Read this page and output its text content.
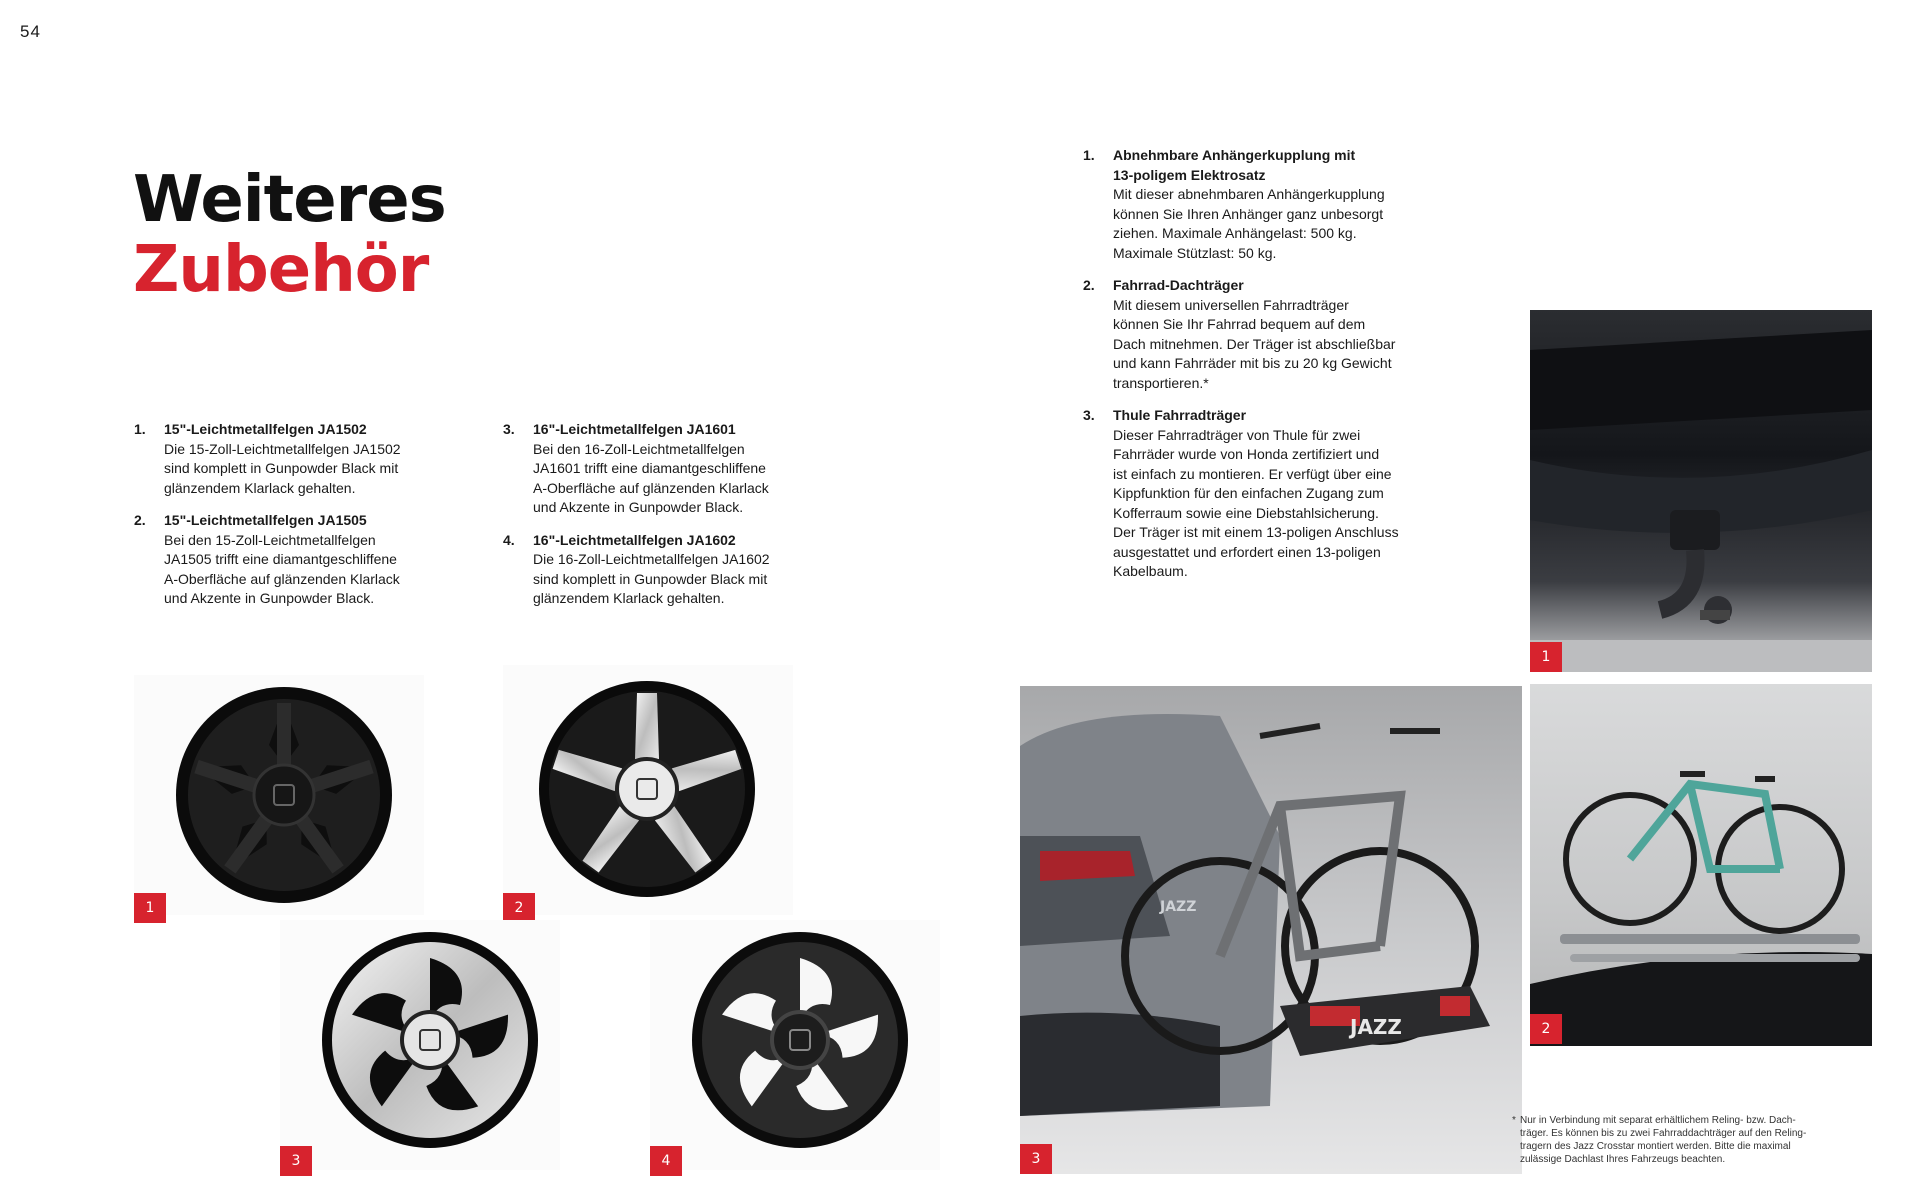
54
Weiteres
Zubehör
1. 15"-Leichtmetallfelgen JA1502
Die 15-Zoll-Leichtmetallfelgen JA1502
sind komplett in Gunpowder Black mit
glänzendem Klarlack gehalten.
2. 15"-Leichtmetallfelgen JA1505
Bei den 15-Zoll-Leichtmetallfelgen
JA1505 trifft eine diamantgeschliffene
A-Oberfläche auf glänzenden Klarlack
und Akzente in Gunpowder Black.
3. 16"-Leichtmetallfelgen JA1601
Bei den 16-Zoll-Leichtmetallfelgen
JA1601 trifft eine diamantgeschliffene
A-Oberfläche auf glänzenden Klarlack
und Akzente in Gunpowder Black.
4. 16"-Leichtmetallfelgen JA1602
Die 16-Zoll-Leichtmetallfelgen JA1602
sind komplett in Gunpowder Black mit
glänzendem Klarlack gehalten.
1. Abnehmbare Anhängerkupplung mit
13-poligem Elektrosatz
Mit dieser abnehmbaren Anhängerkupplung
können Sie Ihren Anhänger ganz unbesorgt
ziehen. Maximale Anhängelast: 500 kg.
Maximale Stützlast: 50 kg.
2. Fahrrad-Dachträger
Mit diesem universellen Fahrradträger
können Sie Ihr Fahrrad bequem auf dem
Dach mitnehmen. Der Träger ist abschließbar
und kann Fahrräder mit bis zu 20 kg Gewicht
transportieren.*
3. Thule Fahrradträger
Dieser Fahrradträger von Thule für zwei
Fahrräder wurde von Honda zertifiziert und
ist einfach zu montieren. Er verfügt über eine
Kippfunktion für den einfachen Zugang zum
Kofferraum sowie eine Diebstahlsicherung.
Der Träger ist mit einem 13-poligen Anschluss
ausgestattet und erfordert einen 13-poligen
Kabelbaum.
1	2
3	4
1
2
JAZZ
JAZZ
3
* Nur in Verbindung mit separat erhältlichem Reling- bzw. Dach-
träger. Es können bis zu zwei Fahrraddachträger auf den Reling-
tragern des Jazz Crosstar montiert werden. Bitte die maximal
zulässige Dachlast Ihres Fahrzeugs beachten.
